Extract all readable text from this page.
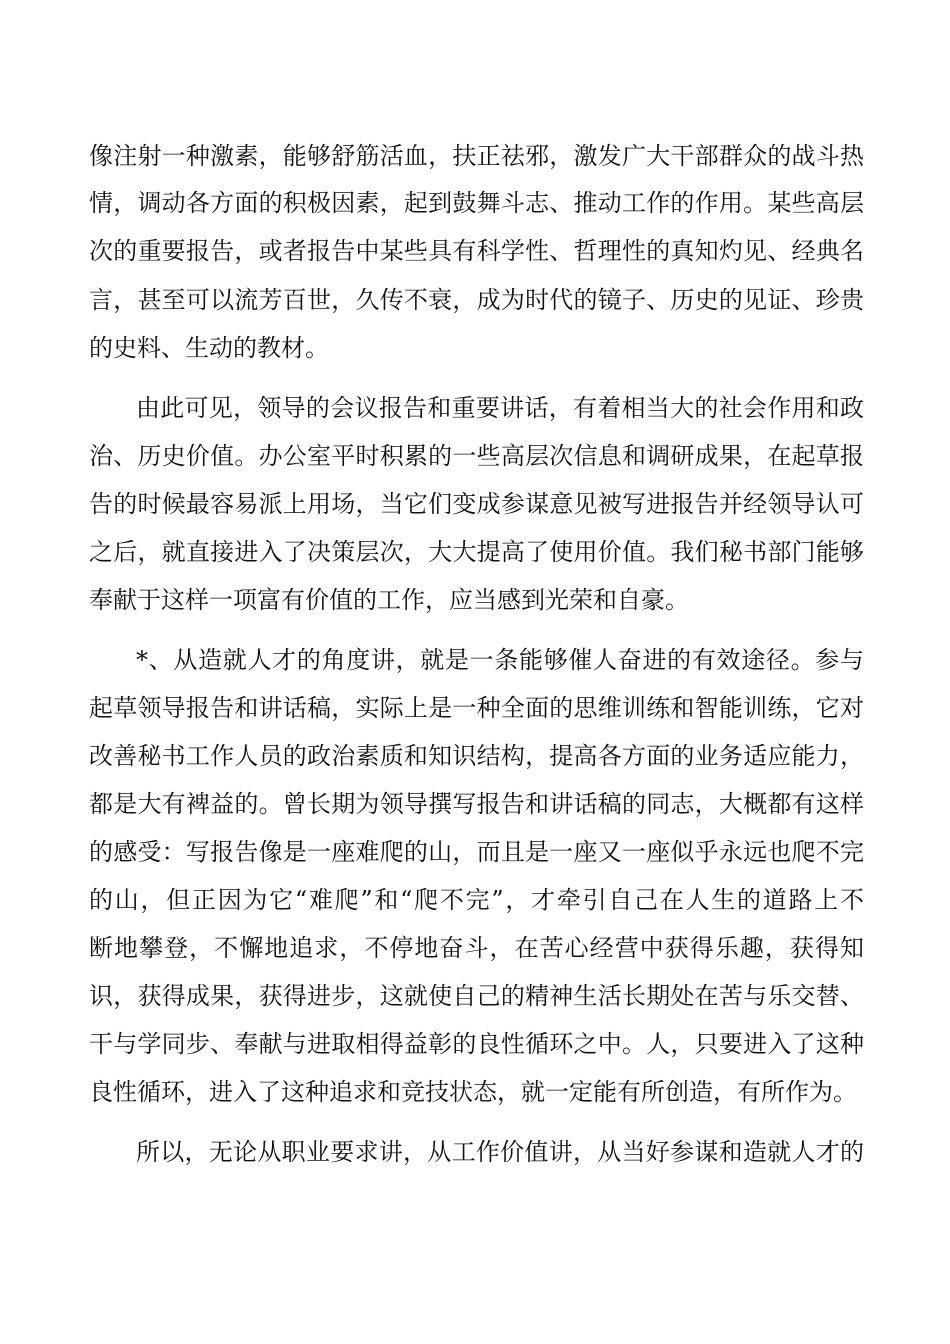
像注射一种激素，能够舒筋活血，扶正祛邪，激发广大干部群众的战斗热
情，调动各方面的积极因素，起到鼓舞斗志、推动工作的作用。某些高层
次的重要报告，或者报告中某些具有科学性、哲理性的真知灼见、经典名
言，甚至可以流芳百世，久传不衰，成为时代的镜子、历史的见证、珍贵
的史料、生动的教材。
由此可见，领导的会议报告和重要讲话，有着相当大的社会作用和政
治、历史价值。办公室平时积累的一些高层次信息和调研成果，在起草报
告的时候最容易派上用场，当它们变成参谋意见被写进报告并经领导认可
之后，就直接进入了决策层次，大大提高了使用价值。我们秘书部门能够
奉献于这样一项富有价值的工作，应当感到光荣和自豪。
*、从造就人才的角度讲，就是一条能够催人奋进的有效途径。参与
起草领导报告和讲话稿，实际上是一种全面的思维训练和智能训练，它对
改善秘书工作人员的政治素质和知识结构，提高各方面的业务适应能力，
都是大有裨益的。曾长期为领导撰写报告和讲话稿的同志，大概都有这样
的感受：写报告像是一座难爬的山，而且是一座又一座似乎永远也爬不完
的山，但正因为它“难爬”和“爬不完”，才牵引自己在人生的道路上不
断地攀登，不懈地追求，不停地奋斗，在苦心经营中获得乐趣，获得知
识，获得成果，获得进步，这就使自己的精神生活长期处在苦与乐交替、
干与学同步、奉献与进取相得益彰的良性循环之中。人，只要进入了这种
良性循环，进入了这种追求和竞技状态，就一定能有所创造，有所作为。
所以，无论从职业要求讲，从工作价值讲，从当好参谋和造就人才的
